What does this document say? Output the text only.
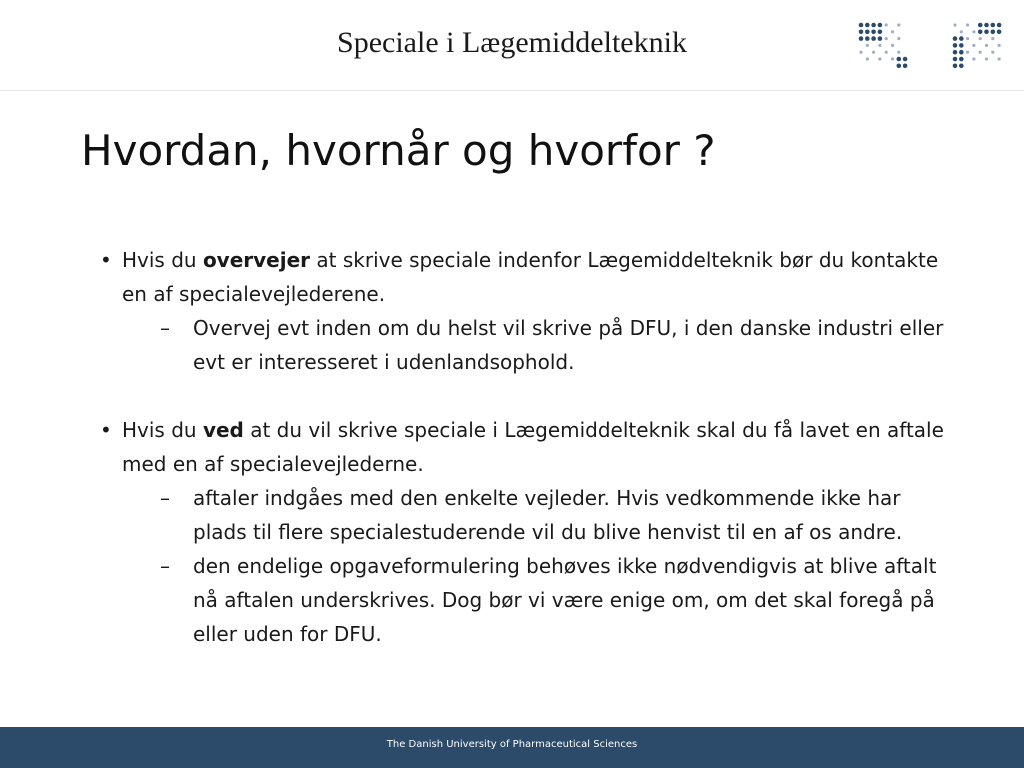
Speciale i Lægemiddelteknik
Hvordan, hvornår og hvorfor ?
• Hvis du overvejer at skrive speciale indenfor Lægemiddelteknik bør du kontakte en af specialevejlederene.
– Overvej evt inden om du helst vil skrive på DFU, i den danske industri eller evt er interesseret i udenlandsophold.
• Hvis du ved at du vil skrive speciale i Lægemiddelteknik skal du få lavet en aftale med en af specialevejlederne.
– aftaler indgåes med den enkelte vejleder. Hvis vedkommende ikke har plads til flere specialestuderende vil du blive henvist til en af os andre.
– den endelige opgaveformulering behøves ikke nødvendigvis at blive aftalt nå aftalen underskrives. Dog bør vi være enige om, om det skal foregå på eller uden for DFU.
The Danish University of Pharmaceutical Sciences
